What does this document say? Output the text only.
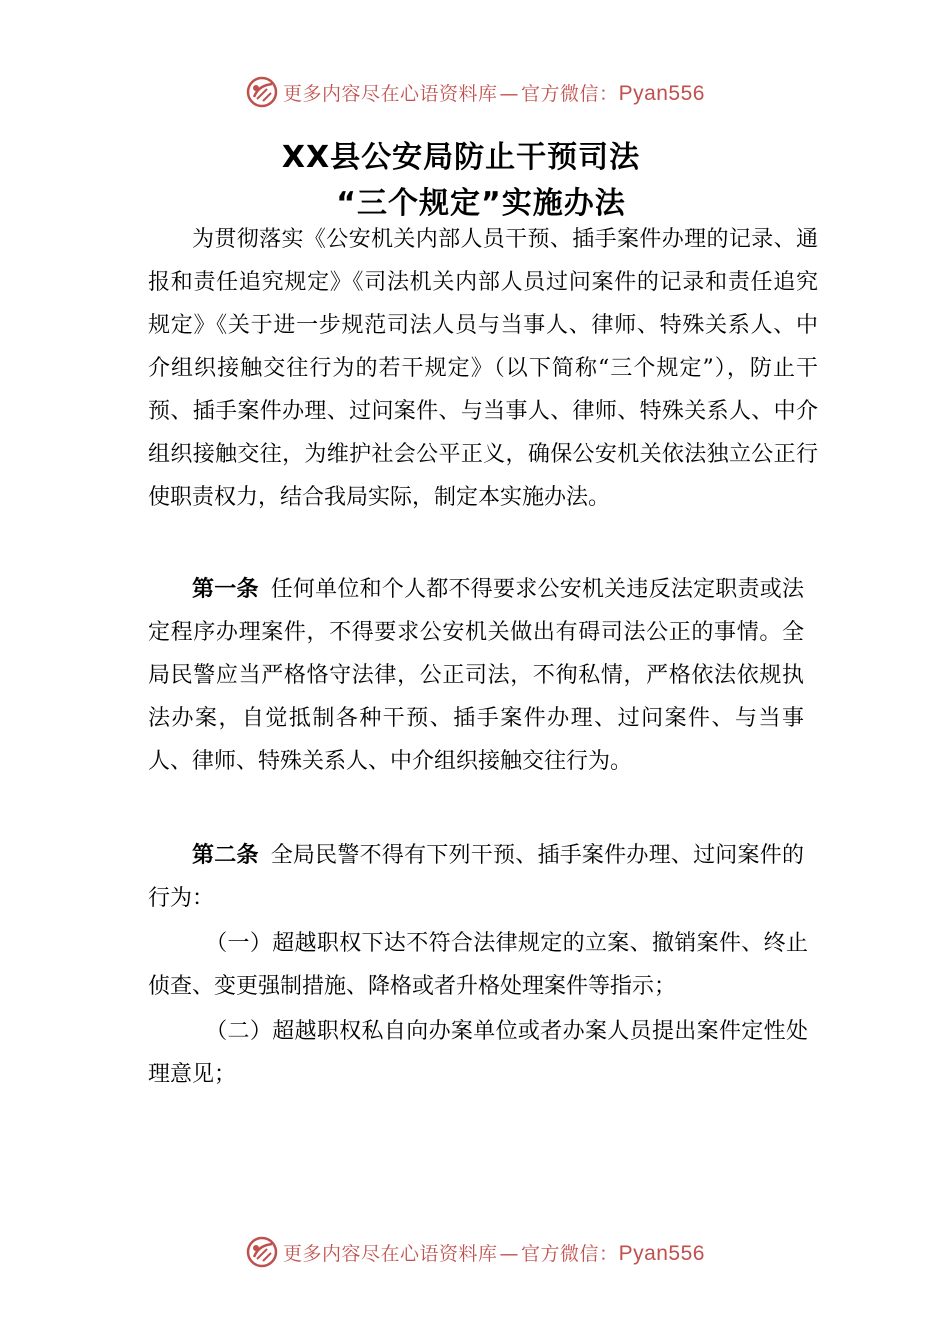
更多内容尽在心语资料库 — 官方微信：Pyan556
XX县公安局防止干预司法
“三个规定”实施办法

为贯彻落实《公安机关内部人员干预、插手案件办理的记录、通报和责任追究规定》《司法机关内部人员过问案件的记录和责任追究规定》《关于进一步规范司法人员与当事人、律师、特殊关系人、中介组织接触交往行为的若干规定》（以下简称“三个规定”），防止干预、插手案件办理、过问案件、与当事人、律师、特殊关系人、中介组织接触交往，为维护社会公平正义，确保公安机关依法独立公正行使职责权力，结合我局实际，制定本实施办法。

第一条 任何单位和个人都不得要求公安机关违反法定职责或法定程序办理案件，不得要求公安机关做出有碍司法公正的事情。全局民警应当严格恪守法律，公正司法，不徇私情，严格依法依规执法办案，自觉抵制各种干预、插手案件办理、过问案件、与当事人、律师、特殊关系人、中介组织接触交往行为。

第二条 全局民警不得有下列干预、插手案件办理、过问案件的行为：

（一）超越职权下达不符合法律规定的立案、撤销案件、终止侦查、变更强制措施、降格或者升格处理案件等指示；

（二）超越职权私自向办案单位或者办案人员提出案件定性处理意见；

更多内容尽在心语资料库 — 官方微信：Pyan556
